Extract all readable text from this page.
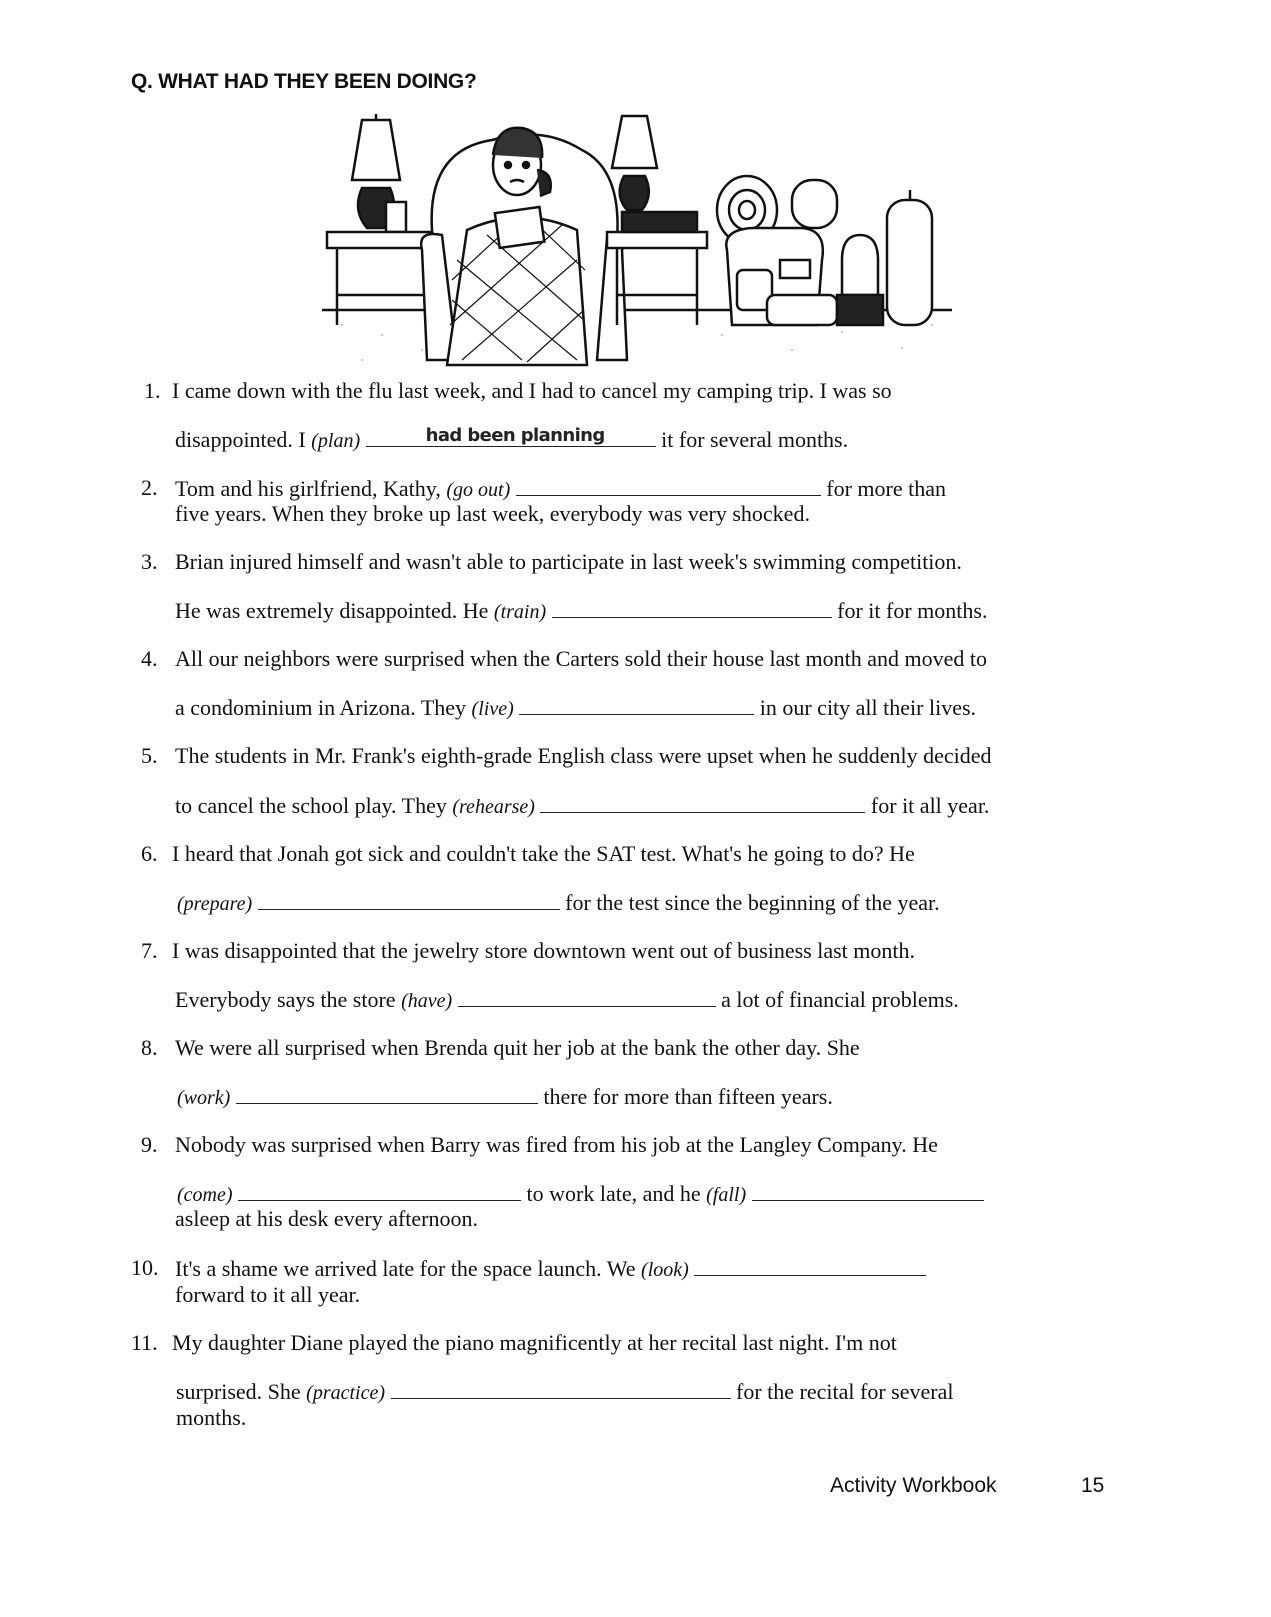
Q. WHAT HAD THEY BEEN DOING?
1. I came down with the flu last week, and I had to cancel my camping trip. I was so
disappointed. I (plan)	had been planning it for several months.
2. Tom and his girlfriend, Kathy, (go out)	for more than
five years. When they broke up last week, everybody was very shocked.
3. Brian injured himself and wasn't able to participate in last week's swimming competition.
He was extremely disappointed. He (train)	for it for months.
4. All our neighbors were surprised when the Carters sold their house last month and moved to
a condominium in Arizona. They (live)	in our city all their lives.
5. The students in Mr. Frank's eighth-grade English class were upset when he suddenly decided
to cancel the school play. They (rehearse)	for it all year.
6. I heard that Jonah got sick and couldn't take the SAT test. What's he going to do? He
(prepare)	for the test since the beginning of the year.
7. I was disappointed that the jewelry store downtown went out of business last month.
Everybody says the store (have)	a lot of financial problems.
8. We were all surprised when Brenda quit her job at the bank the other day. She
(work)	there for more than fifteen years.
9. Nobody was surprised when Barry was fired from his job at the Langley Company. He
(come)	to work late, and he (fall)
asleep at his desk every afternoon.
10. It's a shame we arrived late for the space launch. We (look)
forward to it all year.
11. My daughter Diane played the piano magnificently at her recital last night. I'm not
surprised. She (practice)	for the recital for several
months.
Activity Workbook	15
